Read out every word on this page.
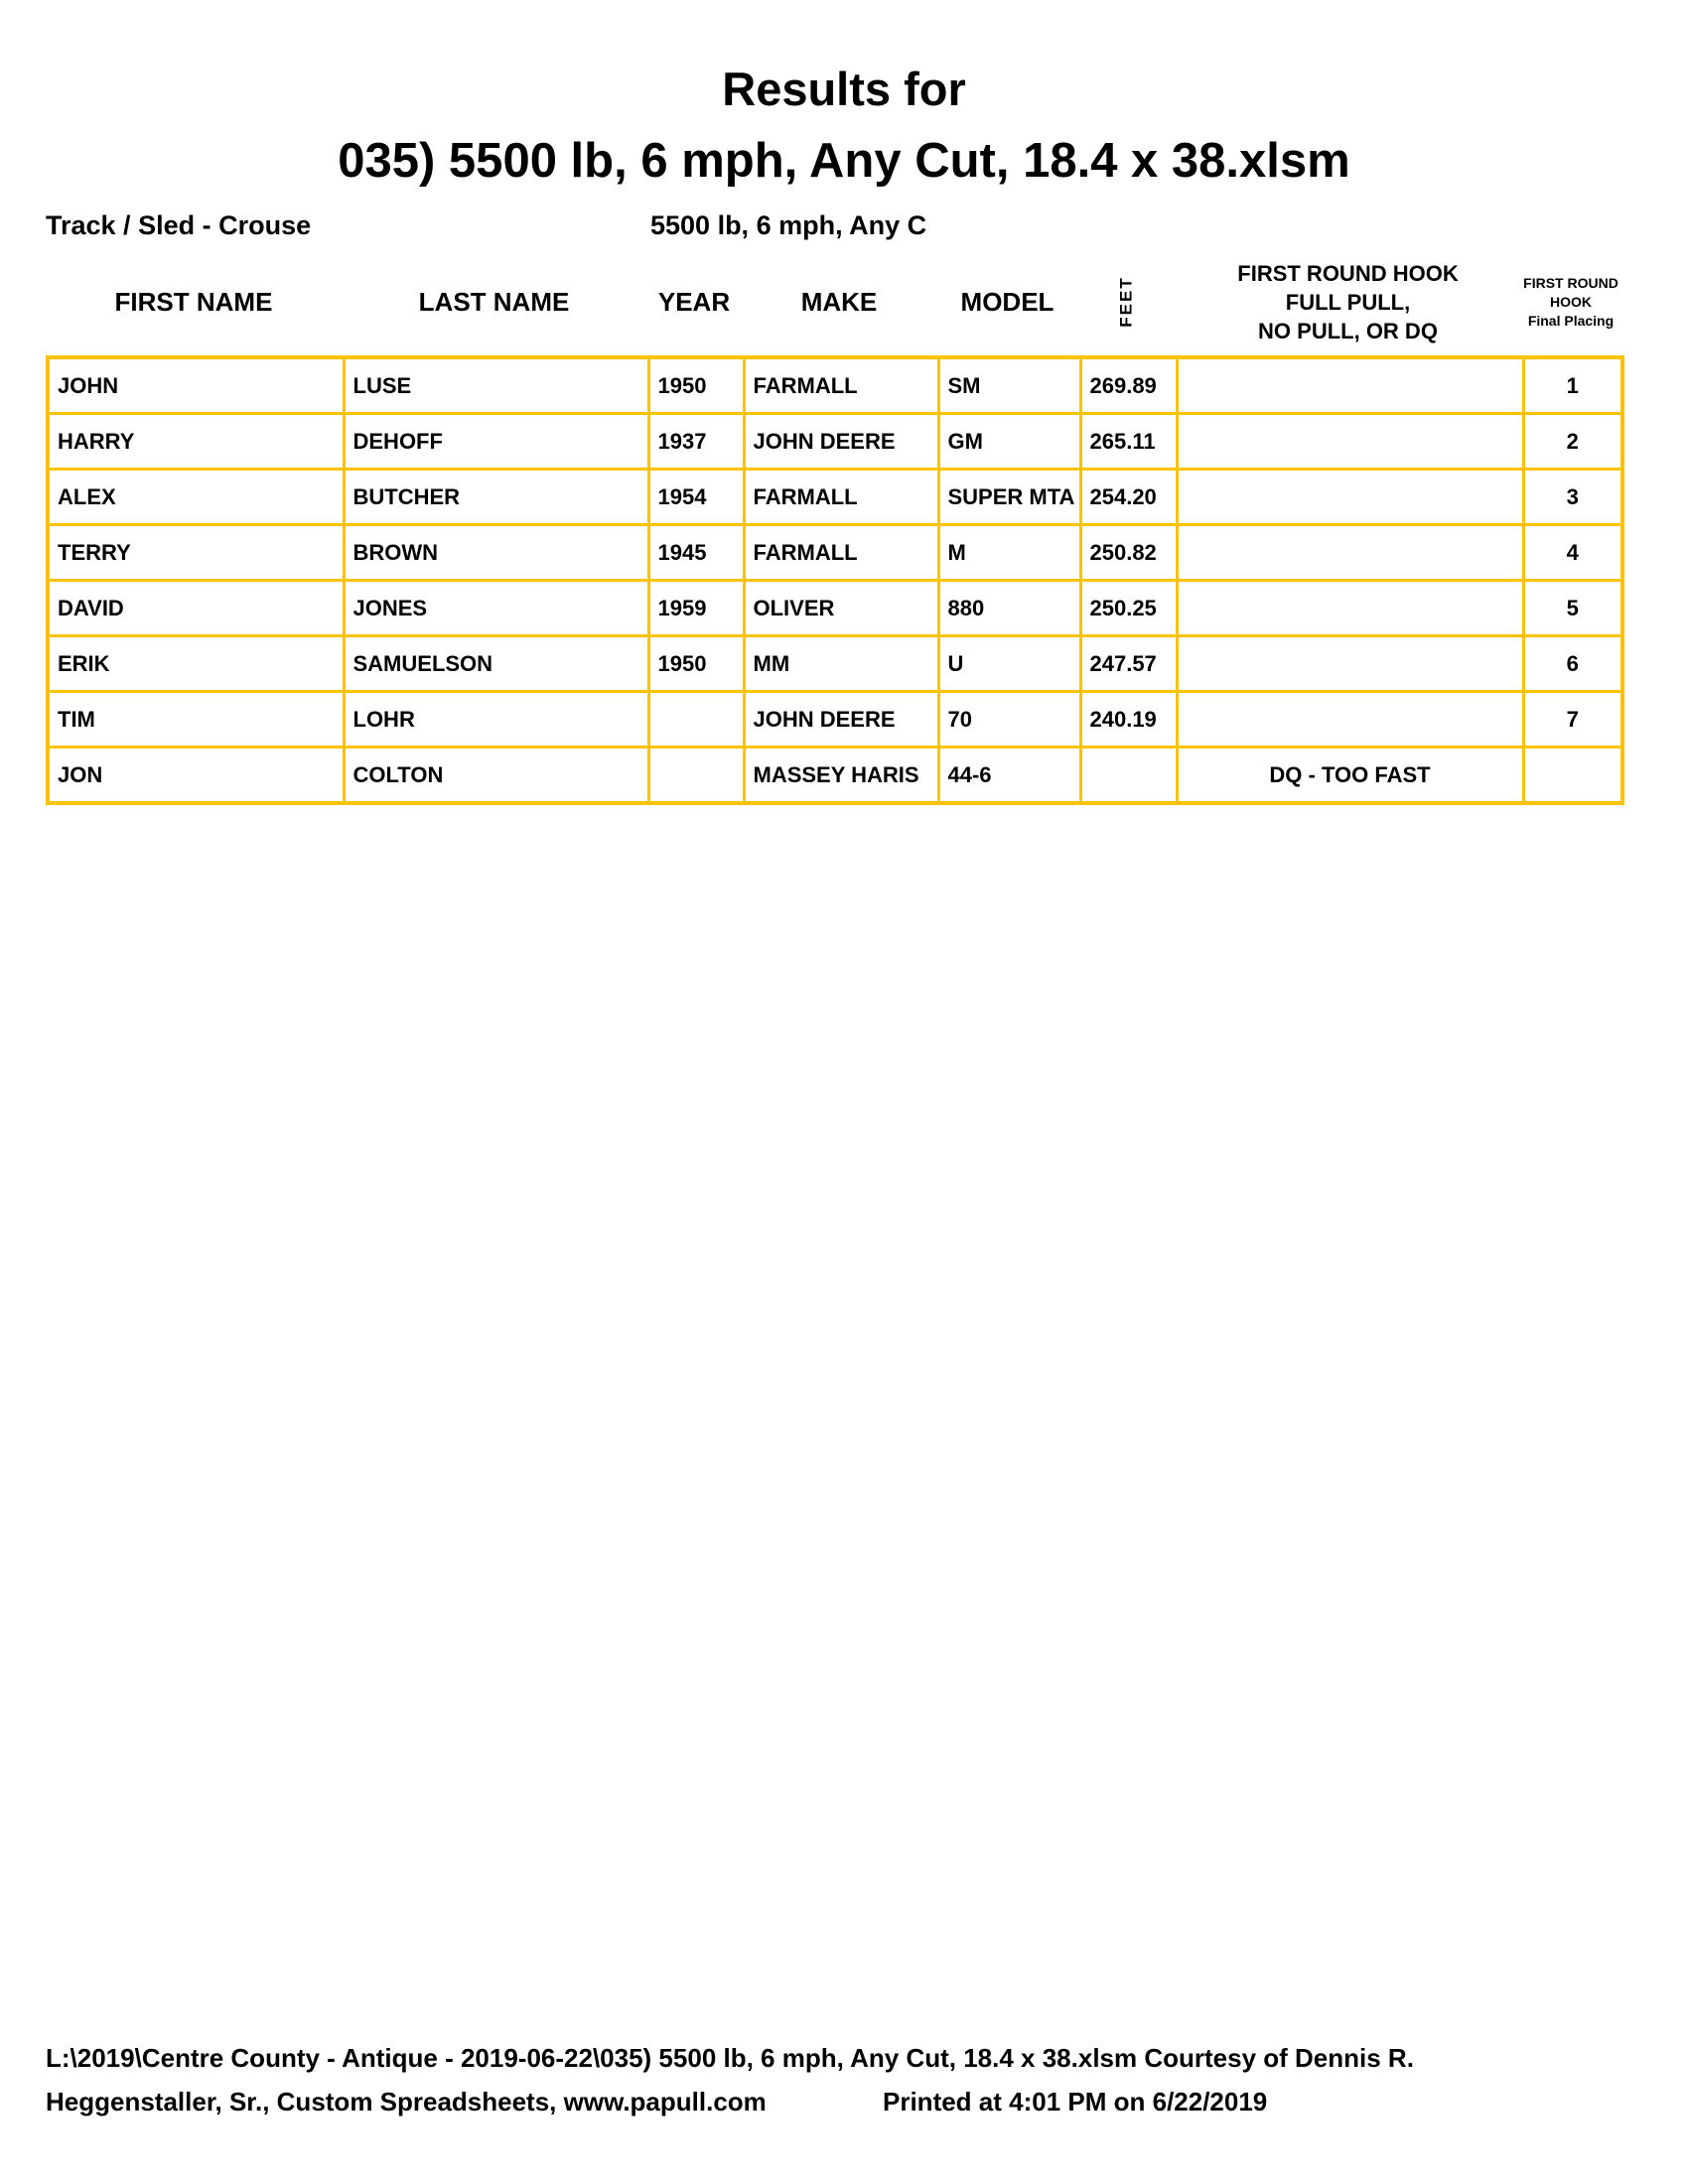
Results for
035) 5500 lb, 6 mph, Any Cut, 18.4 x 38.xlsm
Track / Sled - Crouse	5500 lb, 6 mph, Any C
FIRST NAME	LAST NAME	YEAR	MAKE	MODEL	FEET
FIRST ROUND HOOK
FULL PULL,
NO PULL, OR DQ
FIRST ROUND
HOOK
Final Placing
JOHN	LUSE	1950	FARMALL	SM	269.89		1
HARRY	DEHOFF	1937	JOHN DEERE	GM	265.11		2
ALEX	BUTCHER	1954	FARMALL	SUPER MTA	254.20		3
TERRY	BROWN	1945	FARMALL	M	250.82		4
DAVID	JONES	1959	OLIVER	880	250.25		5
ERIK	SAMUELSON	1950	MM	U	247.57		6
TIM	LOHR		JOHN DEERE	70	240.19		7
JON	COLTON		MASSEY HARIS	44-6		DQ - TOO FAST	
L:\2019\Centre County - Antique - 2019-06-22\035) 5500 lb, 6 mph, Any Cut, 18.4 x 38.xlsm Courtesy of Dennis R.
Heggenstaller, Sr., Custom Spreadsheets, www.papull.com	Printed at 4:01 PM on 6/22/2019
